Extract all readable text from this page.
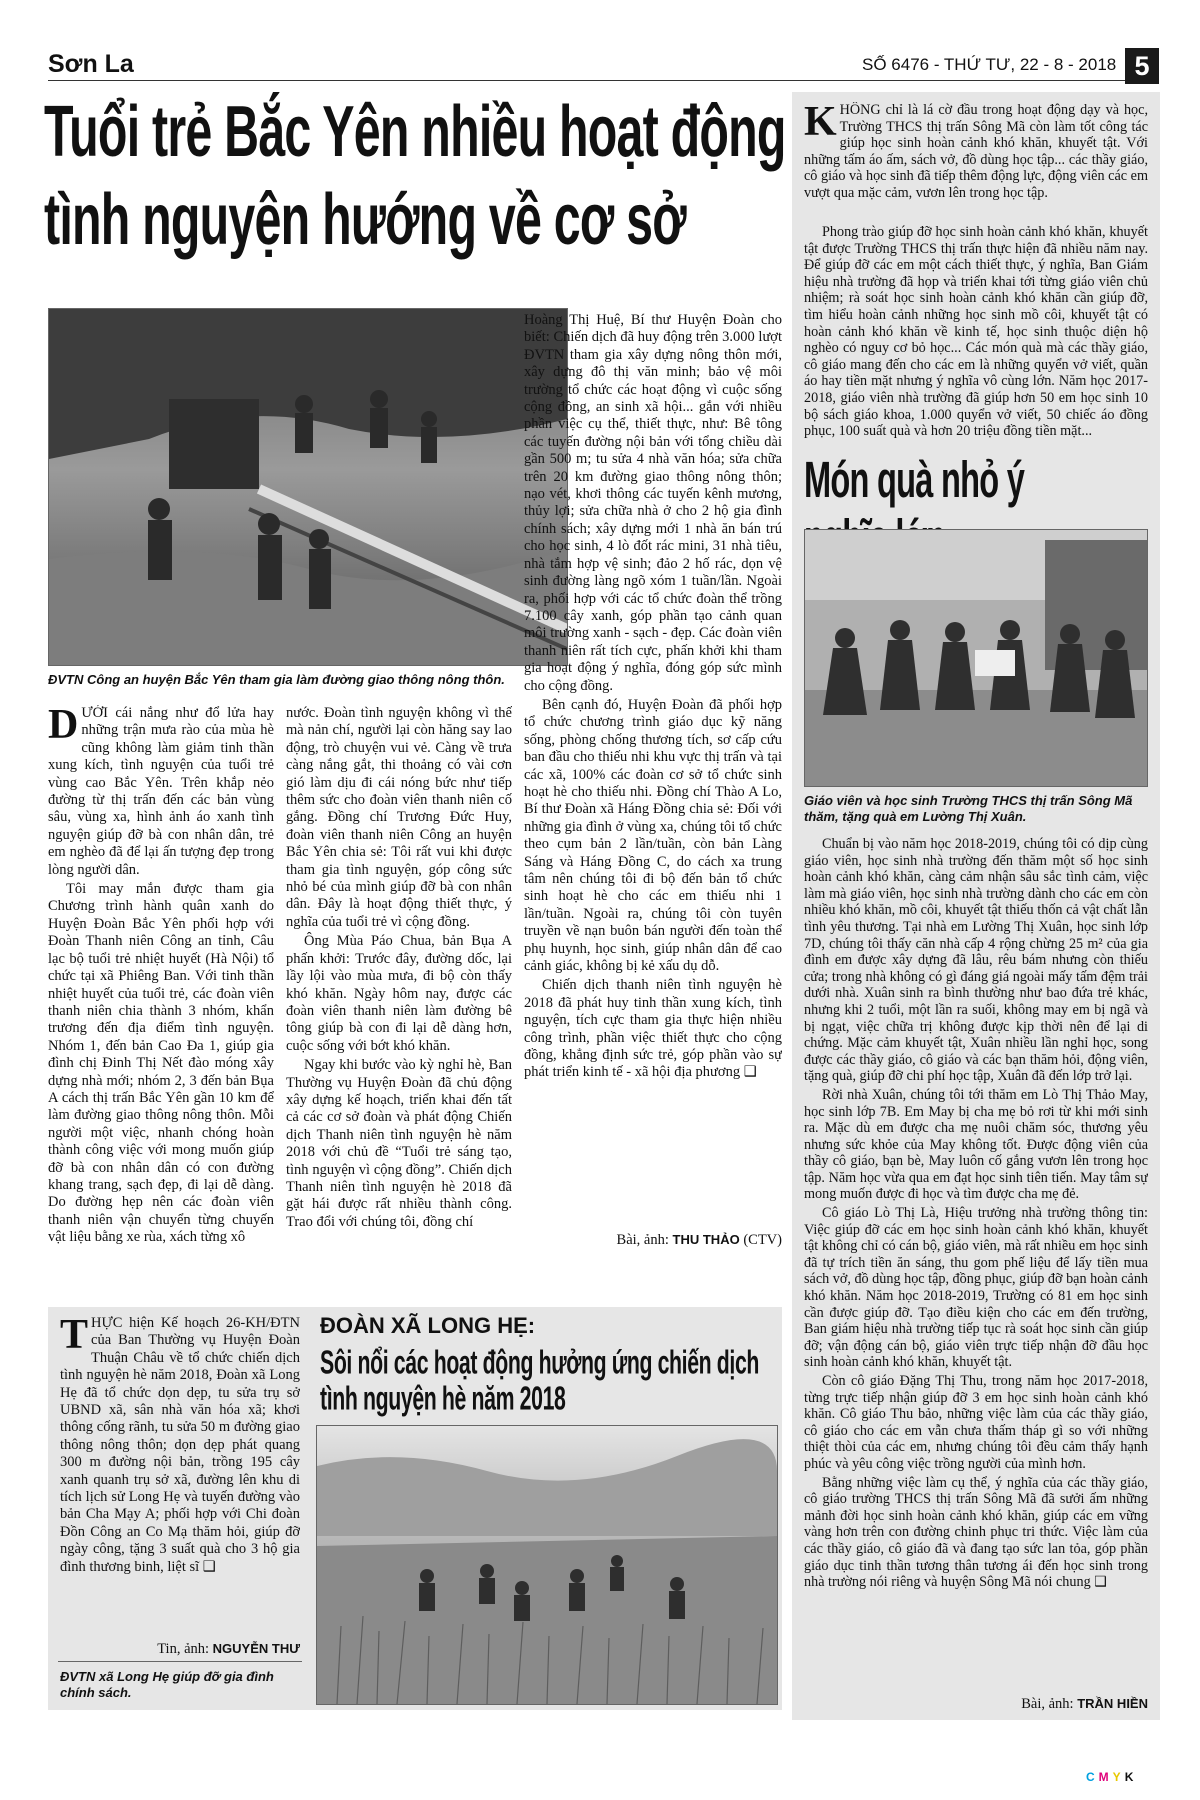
Sơn La	SỐ 6476 - THỨ TƯ, 22 - 8 - 2018 5
Tuổi trẻ Bắc Yên nhiều hoạt động
tình nguyện hướng về cơ sở
ĐVTN Công an huyện Bắc Yên tham gia làm đường giao thông nông thôn.

DƯỚI cái nắng như đổ lửa hay những trận mưa rào của mùa hè cũng không làm giảm tinh thần xung kích, tình nguyện của tuổi trẻ vùng cao Bắc Yên. Trên khắp nẻo đường từ thị trấn đến các bản vùng sâu, vùng xa, hình ảnh áo xanh tình nguyện giúp đỡ bà con nhân dân, trẻ em nghèo đã để lại ấn tượng đẹp trong lòng người dân.

Tôi may mắn được tham gia Chương trình hành quân xanh do Huyện Đoàn Bắc Yên phối hợp với Đoàn Thanh niên Công an tỉnh, Câu lạc bộ tuổi trẻ nhiệt huyết (Hà Nội) tổ chức tại xã Phiêng Ban. Với tinh thần nhiệt huyết của tuổi trẻ, các đoàn viên thanh niên chia thành 3 nhóm, khẩn trương đến địa điểm tình nguyện. Nhóm 1, đến bản Cao Đa 1, giúp gia đình chị Đinh Thị Nết đào móng xây dựng nhà mới; nhóm 2, 3 đến bản Bụa A cách thị trấn Bắc Yên gần 10 km để làm đường giao thông nông thôn. Mỗi người một việc, nhanh chóng hoàn thành công việc với mong muốn giúp đỡ bà con nhân dân có con đường khang trang, sạch đẹp, đi lại dễ dàng. Do đường hẹp nên các đoàn viên thanh niên vận chuyển từng chuyến vật liệu bằng xe rùa, xách từng xô

nước. Đoàn tình nguyện không vì thế mà nản chí, người lại còn hăng say lao động, trò chuyện vui vẻ. Càng về trưa càng nắng gắt, thi thoảng có vài cơn gió làm dịu đi cái nóng bức như tiếp thêm sức cho đoàn viên thanh niên cố gắng. Đồng chí Trương Đức Huy, đoàn viên thanh niên Công an huyện Bắc Yên chia sẻ: Tôi rất vui khi được tham gia tình nguyện, góp công sức nhỏ bé của mình giúp đỡ bà con nhân dân. Đây là hoạt động thiết thực, ý nghĩa của tuổi trẻ vì cộng đồng.

Ông Mùa Páo Chua, bản Bụa A phấn khởi: Trước đây, đường dốc, lại lầy lội vào mùa mưa, đi bộ còn thấy khó khăn. Ngày hôm nay, được các đoàn viên thanh niên làm đường bê tông giúp bà con đi lại dễ dàng hơn, cuộc sống với bớt khó khăn.

Ngay khi bước vào kỳ nghỉ hè, Ban Thường vụ Huyện Đoàn đã chủ động xây dựng kế hoạch, triển khai đến tất cả các cơ sở đoàn và phát động Chiến dịch Thanh niên tình nguyện hè năm 2018 với chủ đề “Tuổi trẻ sáng tạo, tình nguyện vì cộng đồng”. Chiến dịch Thanh niên tình nguyện hè 2018 đã gặt hái được rất nhiều thành công. Trao đổi với chúng tôi, đồng chí

Hoàng Thị Huệ, Bí thư Huyện Đoàn cho biết: Chiến dịch đã huy động trên 3.000 lượt ĐVTN tham gia xây dựng nông thôn mới, xây dựng đô thị văn minh; bảo vệ môi trường tổ chức các hoạt động vì cuộc sống cộng đồng, an sinh xã hội... gắn với nhiều phần việc cụ thể, thiết thực, như: Bê tông các tuyến đường nội bản với tổng chiều dài gần 500 m; tu sửa 4 nhà văn hóa; sửa chữa trên 20 km đường giao thông nông thôn; nạo vét, khơi thông các tuyến kênh mương, thủy lợi; sửa chữa nhà ở cho 2 hộ gia đình chính sách; xây dựng mới 1 nhà ăn bán trú cho học sinh, 4 lò đốt rác mini, 31 nhà tiêu, nhà tắm hợp vệ sinh; đảo 2 hố rác, dọn vệ sinh đường làng ngõ xóm 1 tuần/lần. Ngoài ra, phối hợp với các tổ chức đoàn thể trồng 7.100 cây xanh, góp phần tạo cảnh quan môi trường xanh - sạch - đẹp. Các đoàn viên thanh niên rất tích cực, phấn khởi khi tham gia hoạt động ý nghĩa, đóng góp sức mình cho cộng đồng.

Bên cạnh đó, Huyện Đoàn đã phối hợp tổ chức chương trình giáo dục kỹ năng sống, phòng chống thương tích, sơ cấp cứu ban đầu cho thiếu nhi khu vực thị trấn và tại các xã, 100% các đoàn cơ sở tổ chức sinh hoạt hè cho thiếu nhi. Đồng chí Thào A Lo, Bí thư Đoàn xã Háng Đồng chia sẻ: Đối với những gia đình ở vùng xa, chúng tôi tổ chức theo cụm bản 2 lần/tuần, còn bản Làng Sáng và Háng Đồng C, do cách xa trung tâm nên chúng tôi đi bộ đến bản tổ chức sinh hoạt hè cho các em thiếu nhi 1 lần/tuần. Ngoài ra, chúng tôi còn tuyên truyền về nạn buôn bán người đến toàn thể phụ huynh, học sinh, giúp nhân dân để cao cảnh giác, không bị kẻ xấu dụ dỗ.

Chiến dịch thanh niên tình nguyện hè 2018 đã phát huy tinh thần xung kích, tình nguyện, tích cực tham gia thực hiện nhiều công trình, phần việc thiết thực cho cộng đồng, khẳng định sức trẻ, góp phần vào sự phát triển kinh tế - xã hội địa phương ❑

Bài, ảnh: THU THẢO (CTV)

THỰC hiện Kế hoạch 26-KH/ĐTN của Ban Thường vụ Huyện Đoàn Thuận Châu về tổ chức chiến dịch tình nguyện hè năm 2018, Đoàn xã Long Hẹ đã tổ chức dọn dẹp, tu sửa trụ sở UBND xã, sân nhà văn hóa xã; khơi thông cống rãnh, tu sửa 50 m đường giao thông nông thôn; dọn dẹp phát quang 300 m đường nội bản, trồng 195 cây xanh quanh trụ sở xã, đường lên khu di tích lịch sử Long Hẹ và tuyến đường vào bản Cha Mạy A; phối hợp với Chi đoàn Đồn Công an Co Mạ thăm hỏi, giúp đỡ ngày công, tặng 3 suất quà cho 3 hộ gia đình thương binh, liệt sĩ ❑

Tin, ảnh: NGUYỄN THƯ
ĐVTN xã Long Hẹ giúp đỡ gia đình chính sách.
ĐOÀN XÃ LONG HẸ:
Sôi nổi các hoạt động hưởng ứng chiến dịch
tình nguyện hè năm 2018

KHÔNG chỉ là lá cờ đầu trong hoạt động dạy và học, Trường THCS thị trấn Sông Mã còn làm tốt công tác giúp học sinh hoàn cảnh khó khăn, khuyết tật. Với những tấm áo ấm, sách vở, đồ dùng học tập... các thầy giáo, cô giáo và học sinh đã tiếp thêm động lực, động viên các em vượt qua mặc cảm, vươn lên trong học tập.

Phong trào giúp đỡ học sinh hoàn cảnh khó khăn, khuyết tật được Trường THCS thị trấn thực hiện đã nhiều năm nay. Để giúp đỡ các em một cách thiết thực, ý nghĩa, Ban Giám hiệu nhà trường đã họp và triển khai tới từng giáo viên chủ nhiệm; rà soát học sinh hoàn cảnh khó khăn cần giúp đỡ, tìm hiểu hoàn cảnh những học sinh mồ côi, khuyết tật có hoàn cảnh khó khăn về kinh tế, học sinh thuộc diện hộ nghèo có nguy cơ bỏ học... Các món quà mà các thầy giáo, cô giáo mang đến cho các em là những quyển vở viết, quần áo hay tiền mặt nhưng ý nghĩa vô cùng lớn. Năm học 2017-2018, giáo viên nhà trường đã giúp hơn 50 em học sinh 10 bộ sách giáo khoa, 1.000 quyển vở viết, 50 chiếc áo đồng phục, 100 suất quà và hơn 20 triệu đồng tiền mặt...

Món quà nhỏ ý
Giáo viên và học sinh Trường THCS thị trấn Sông Mã thăm, tặng quà em Lường Thị Xuân.

Chuẩn bị vào năm học 2018-2019, chúng tôi có dịp cùng giáo viên, học sinh nhà trường đến thăm một số học sinh hoàn cảnh khó khăn, càng cảm nhận sâu sắc tình cảm, việc làm mà giáo viên, học sinh nhà trường dành cho các em còn nhiều khó khăn, mồ côi, khuyết tật thiếu thốn cả vật chất lẫn tình yêu thương. Tại nhà em Lường Thị Xuân, học sinh lớp 7D, chúng tôi thấy căn nhà cấp 4 rộng chừng 25 m² của gia đình em được xây dựng đã lâu, rêu bám nhưng còn thiếu cửa; trong nhà không có gì đáng giá ngoài mấy tấm đệm trải dưới nhà. Xuân sinh ra bình thường như bao đứa trẻ khác, nhưng khi 2 tuổi, một lần ra suối, không may em bị ngã và bị ngạt, việc chữa trị không được kịp thời nên để lại di chứng. Mặc cảm khuyết tật, Xuân nhiều lần nghỉ học, song được các thầy giáo, cô giáo và các bạn thăm hỏi, động viên, tặng quà, giúp đỡ chi phí học tập, Xuân đã đến lớp trở lại.

Rời nhà Xuân, chúng tôi tới thăm em Lò Thị Thảo May, học sinh lớp 7B. Em May bị cha mẹ bỏ rơi từ khi mới sinh ra. Mặc dù em được cha mẹ nuôi chăm sóc, thương yêu nhưng sức khỏe của May không tốt. Được động viên của thầy cô giáo, bạn bè, May luôn cố gắng vươn lên trong học tập. Năm học vừa qua em đạt học sinh tiên tiến. May tâm sự mong muốn được đi học và tìm được cha mẹ đẻ.

Cô giáo Lò Thị Là, Hiệu trưởng nhà trường thông tin: Việc giúp đỡ các em học sinh hoàn cảnh khó khăn, khuyết tật không chỉ có cán bộ, giáo viên, mà rất nhiều em học sinh đã tự trích tiền ăn sáng, thu gom phế liệu để lấy tiền mua sách vở, đồ dùng học tập, đồng phục, giúp đỡ bạn hoàn cảnh khó khăn. Năm học 2018-2019, Trường có 81 em học sinh cần được giúp đỡ. Tạo điều kiện cho các em đến trường, Ban giám hiệu nhà trường tiếp tục rà soát học sinh cần giúp đỡ; vận động cán bộ, giáo viên trực tiếp nhận đỡ đầu học sinh hoàn cảnh khó khăn, khuyết tật.

Còn cô giáo Đặng Thị Thu, trong năm học 2017-2018, từng trực tiếp nhận giúp đỡ 3 em học sinh hoàn cảnh khó khăn. Cô giáo Thu bảo, những việc làm của các thầy giáo, cô giáo cho các em vẫn chưa thấm tháp gì so với những thiệt thòi của các em, nhưng chúng tôi đều cảm thấy hạnh phúc và yêu công việc trồng người của mình hơn.

Bằng những việc làm cụ thể, ý nghĩa của các thầy giáo, cô giáo trường THCS thị trấn Sông Mã đã sưởi ấm những mảnh đời học sinh hoàn cảnh khó khăn, giúp các em vững vàng hơn trên con đường chinh phục tri thức. Việc làm của các thầy giáo, cô giáo đã và đang tạo sức lan tỏa, góp phần giáo dục tinh thần tương thân tương ái đến học sinh trong nhà trường nói riêng và huyện Sông Mã nói chung ❑

Bài, ảnh: TRẦN HIỀN
CMYK
